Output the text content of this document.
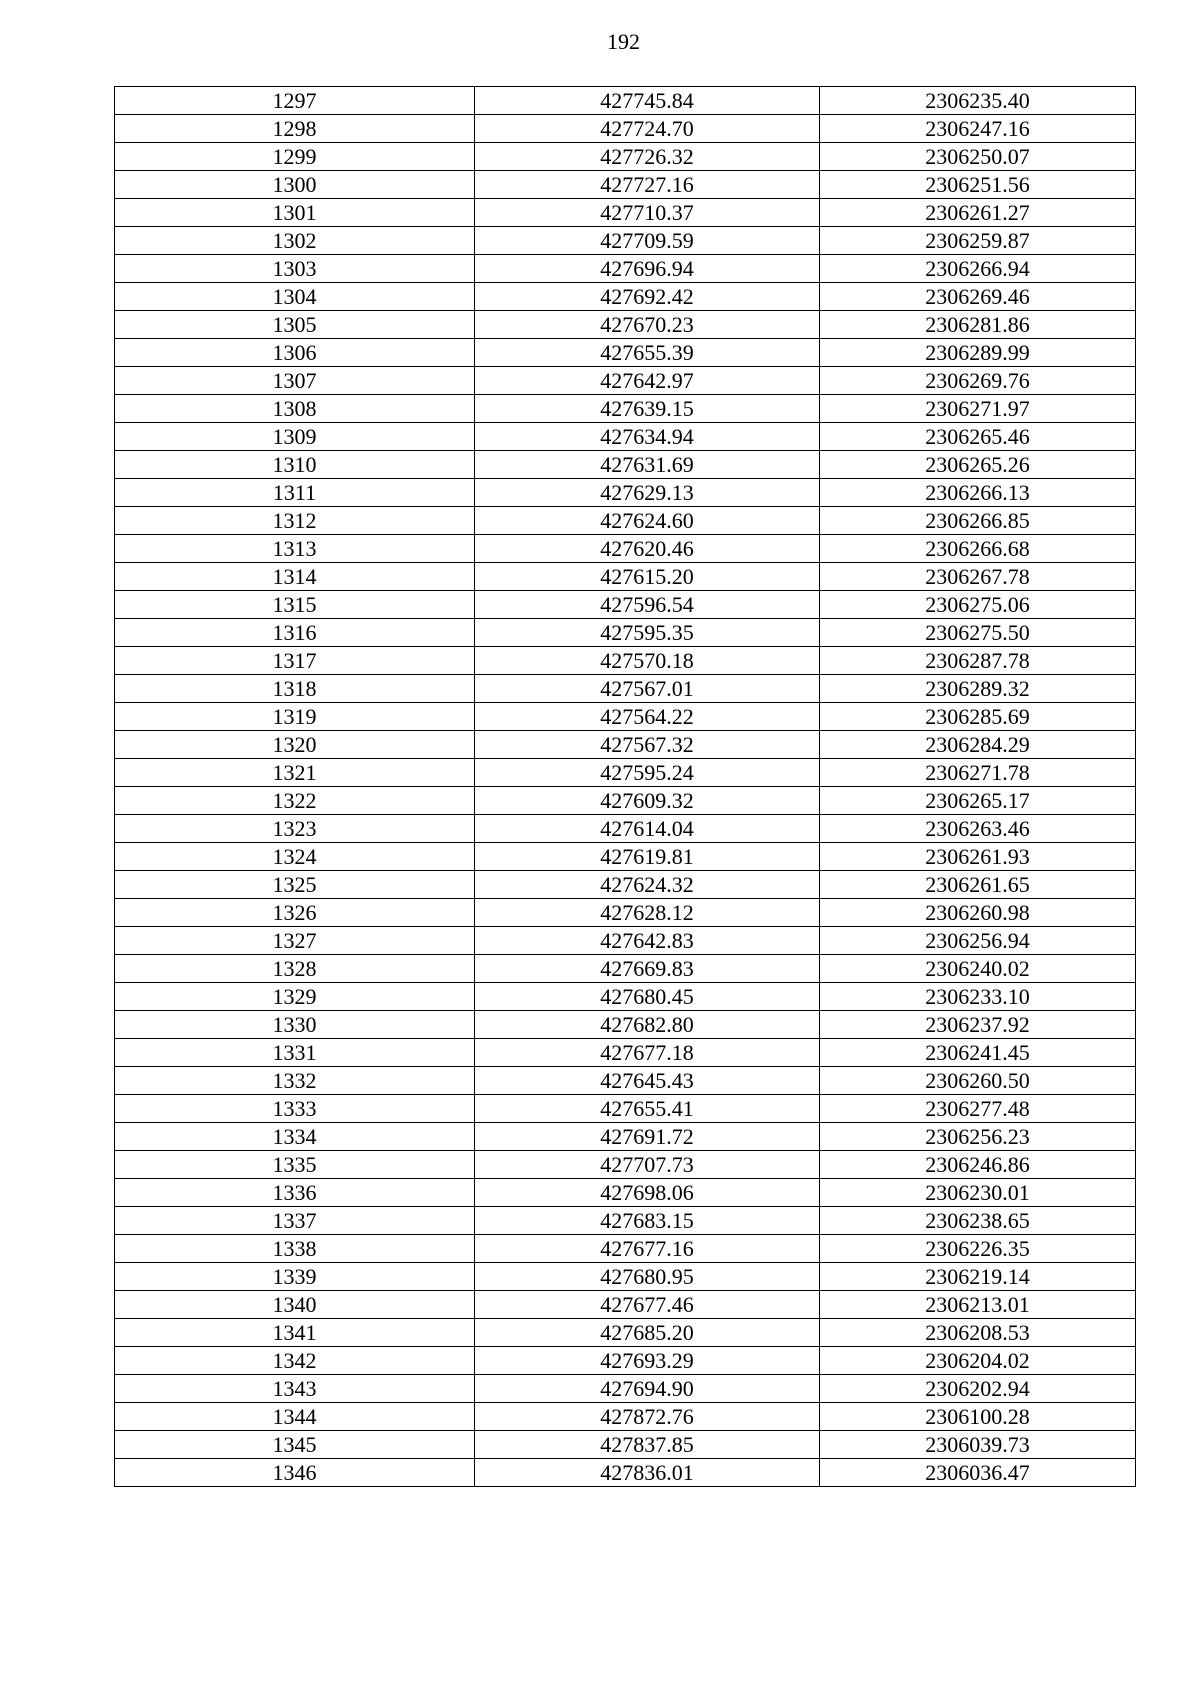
192
1297	427745.84	2306235.40
1298	427724.70	2306247.16
1299	427726.32	2306250.07
1300	427727.16	2306251.56
1301	427710.37	2306261.27
1302	427709.59	2306259.87
1303	427696.94	2306266.94
1304	427692.42	2306269.46
1305	427670.23	2306281.86
1306	427655.39	2306289.99
1307	427642.97	2306269.76
1308	427639.15	2306271.97
1309	427634.94	2306265.46
1310	427631.69	2306265.26
1311	427629.13	2306266.13
1312	427624.60	2306266.85
1313	427620.46	2306266.68
1314	427615.20	2306267.78
1315	427596.54	2306275.06
1316	427595.35	2306275.50
1317	427570.18	2306287.78
1318	427567.01	2306289.32
1319	427564.22	2306285.69
1320	427567.32	2306284.29
1321	427595.24	2306271.78
1322	427609.32	2306265.17
1323	427614.04	2306263.46
1324	427619.81	2306261.93
1325	427624.32	2306261.65
1326	427628.12	2306260.98
1327	427642.83	2306256.94
1328	427669.83	2306240.02
1329	427680.45	2306233.10
1330	427682.80	2306237.92
1331	427677.18	2306241.45
1332	427645.43	2306260.50
1333	427655.41	2306277.48
1334	427691.72	2306256.23
1335	427707.73	2306246.86
1336	427698.06	2306230.01
1337	427683.15	2306238.65
1338	427677.16	2306226.35
1339	427680.95	2306219.14
1340	427677.46	2306213.01
1341	427685.20	2306208.53
1342	427693.29	2306204.02
1343	427694.90	2306202.94
1344	427872.76	2306100.28
1345	427837.85	2306039.73
1346	427836.01	2306036.47
